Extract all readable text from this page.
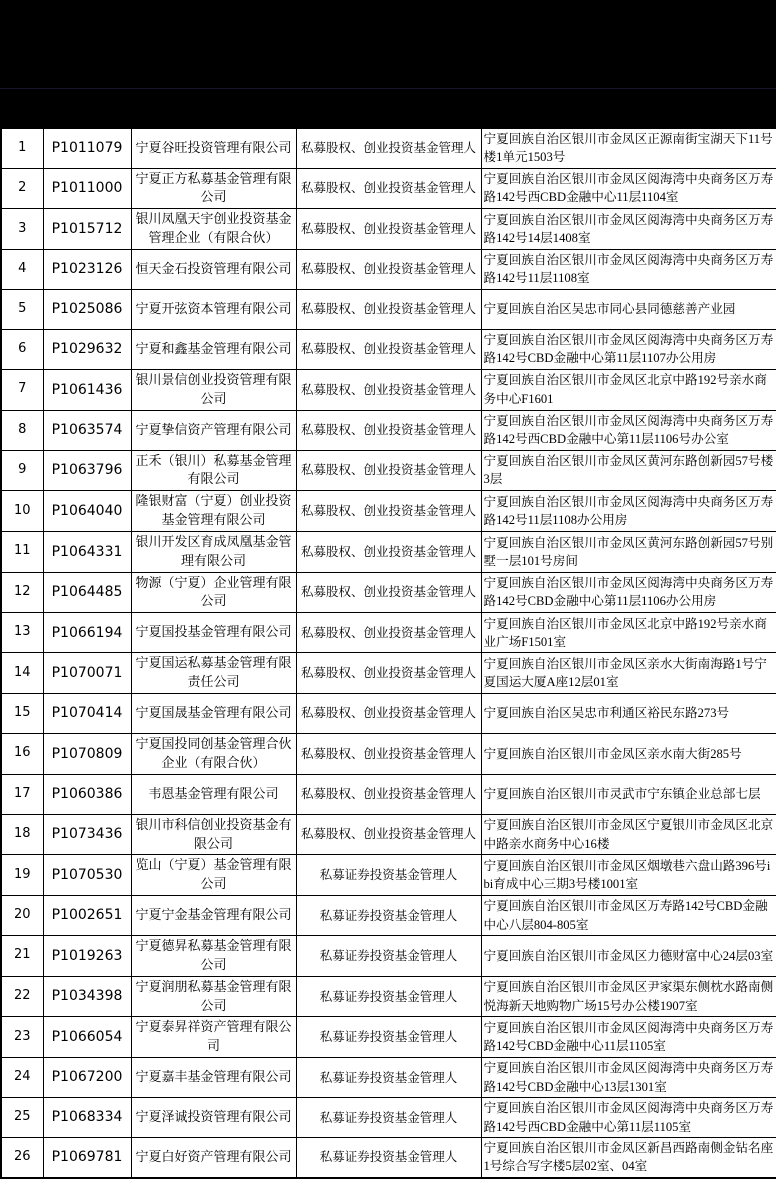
1	P1011079	宁夏谷旺投资管理有限公司	私募股权、创业投资基金管理人	宁夏回族自治区银川市金凤区正源南街宝湖天下11号楼1单元1503号
2	P1011000	宁夏正方私募基金管理有限公司	私募股权、创业投资基金管理人	宁夏回族自治区银川市金凤区阅海湾中央商务区万寿路142号西CBD金融中心11层1104室
3	P1015712	银川凤凰天宇创业投资基金管理企业（有限合伙）	私募股权、创业投资基金管理人	宁夏回族自治区银川市金凤区阅海湾中央商务区万寿路142号14层1408室
4	P1023126	恒天金石投资管理有限公司	私募股权、创业投资基金管理人	宁夏回族自治区银川市金凤区阅海湾中央商务区万寿路142号11层1108室
5	P1025086	宁夏开弦资本管理有限公司	私募股权、创业投资基金管理人	宁夏回族自治区吴忠市同心县同德慈善产业园
6	P1029632	宁夏和鑫基金管理有限公司	私募股权、创业投资基金管理人	宁夏回族自治区银川市金凤区阅海湾中央商务区万寿路142号CBD金融中心第11层1107办公用房
7	P1061436	银川景信创业投资管理有限公司	私募股权、创业投资基金管理人	宁夏回族自治区银川市金凤区北京中路192号亲水商务中心F1601
8	P1063574	宁夏挚信资产管理有限公司	私募股权、创业投资基金管理人	宁夏回族自治区银川市金凤区阅海湾中央商务区万寿路142号西CBD金融中心第11层1106号办公室
9	P1063796	正禾（银川）私募基金管理有限公司	私募股权、创业投资基金管理人	宁夏回族自治区银川市金凤区黄河东路创新园57号楼3层
10	P1064040	隆银财富（宁夏）创业投资基金管理有限公司	私募股权、创业投资基金管理人	宁夏回族自治区银川市金凤区阅海湾中央商务区万寿路142号11层1108办公用房
11	P1064331	银川开发区育成凤凰基金管理有限公司	私募股权、创业投资基金管理人	宁夏回族自治区银川市金凤区黄河东路创新园57号别墅一层101号房间
12	P1064485	物源（宁夏）企业管理有限公司	私募股权、创业投资基金管理人	宁夏回族自治区银川市金凤区阅海湾中央商务区万寿路142号CBD金融中心第11层1106办公用房
13	P1066194	宁夏国投基金管理有限公司	私募股权、创业投资基金管理人	宁夏回族自治区银川市金凤区北京中路192号亲水商业广场F1501室
14	P1070071	宁夏国运私募基金管理有限责任公司	私募股权、创业投资基金管理人	宁夏回族自治区银川市金凤区亲水大街南海路1号宁夏国运大厦A座12层01室
15	P1070414	宁夏国晟基金管理有限公司	私募股权、创业投资基金管理人	宁夏回族自治区吴忠市利通区裕民东路273号
16	P1070809	宁夏国投同创基金管理合伙企业（有限合伙）	私募股权、创业投资基金管理人	宁夏回族自治区银川市金凤区亲水南大街285号
17	P1060386	韦恩基金管理有限公司	私募股权、创业投资基金管理人	宁夏回族自治区银川市灵武市宁东镇企业总部七层
18	P1073436	银川市科信创业投资基金有限公司	私募股权、创业投资基金管理人	宁夏回族自治区银川市金凤区宁夏银川市金凤区北京中路亲水商务中心16楼
19	P1070530	览山（宁夏）基金管理有限公司	私募证券投资基金管理人	宁夏回族自治区银川市金凤区烟墩巷六盘山路396号ibi育成中心三期3号楼1001室
20	P1002651	宁夏宁金基金管理有限公司	私募证券投资基金管理人	宁夏回族自治区银川市金凤区万寿路142号CBD金融中心八层804-805室
21	P1019263	宁夏德昇私募基金管理有限公司	私募证券投资基金管理人	宁夏回族自治区银川市金凤区力德财富中心24层03室
22	P1034398	宁夏润朋私募基金管理有限公司	私募证券投资基金管理人	宁夏回族自治区银川市金凤区尹家渠东侧枕水路南侧悦海新天地购物广场15号办公楼1907室
23	P1066054	宁夏泰昇祥资产管理有限公司	私募证券投资基金管理人	宁夏回族自治区银川市金凤区阅海湾中央商务区万寿路142号CBD金融中心11层1105室
24	P1067200	宁夏嘉丰基金管理有限公司	私募证券投资基金管理人	宁夏回族自治区银川市金凤区阅海湾中央商务区万寿路142号CBD金融中心13层1301室
25	P1068334	宁夏泽诚投资管理有限公司	私募证券投资基金管理人	宁夏回族自治区银川市金凤区阅海湾中央商务区万寿路142号西CBD金融中心第11层1105室
26	P1069781	宁夏白好资产管理有限公司	私募证券投资基金管理人	宁夏回族自治区银川市金凤区新昌西路南侧金钻名座1号综合写字楼5层02室、04室
